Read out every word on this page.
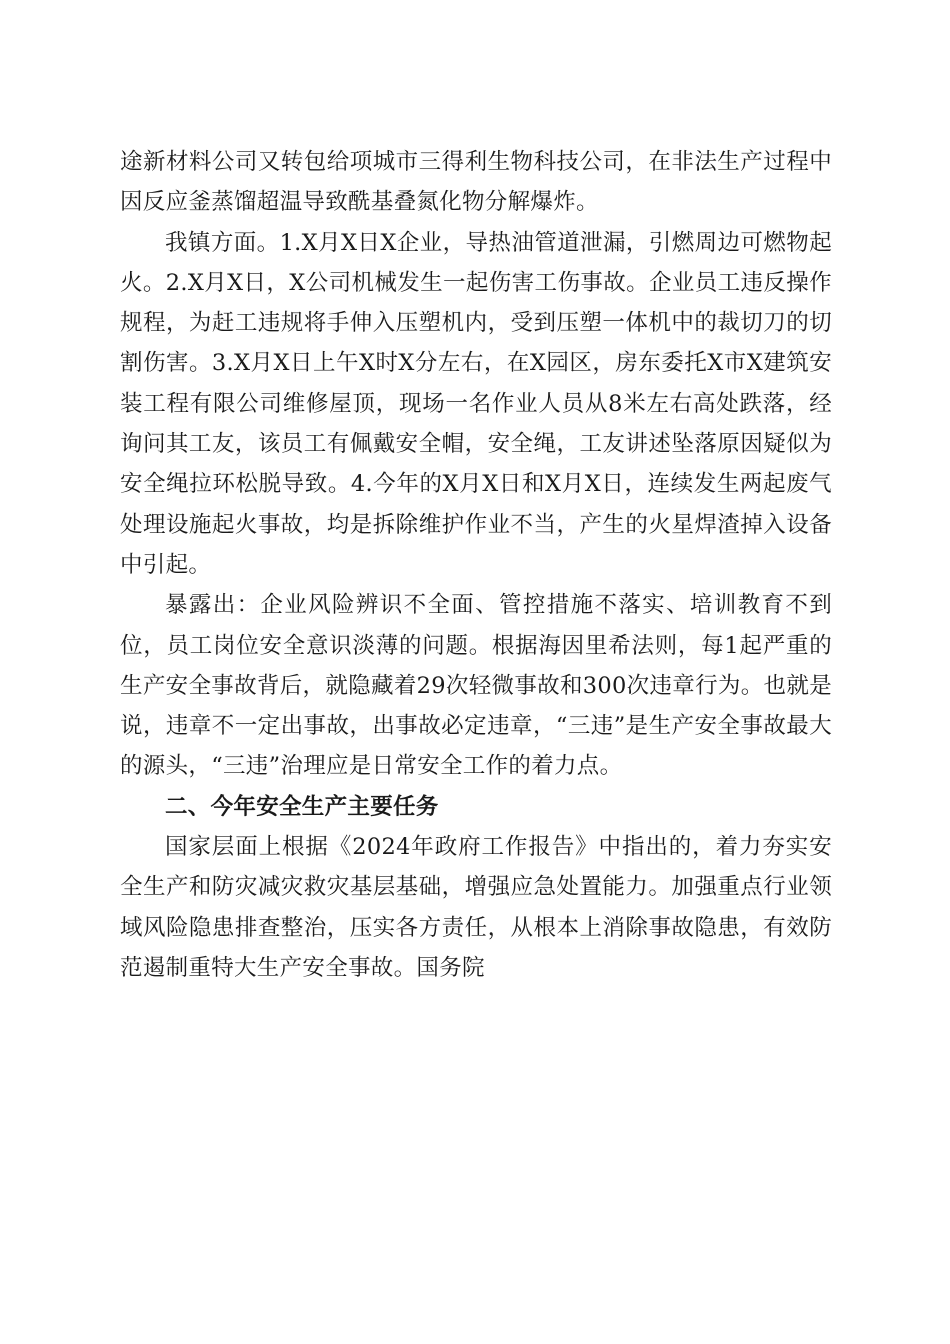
途新材料公司又转包给项城市三得利生物科技公司，在非法生产过程中因反应釜蒸馏超温导致酰基叠氮化物分解爆炸。

我镇方面。1.X月X日X企业，导热油管道泄漏，引燃周边可燃物起火。2.X月X日，X公司机械发生一起伤害工伤事故。企业员工违反操作规程，为赶工违规将手伸入压塑机内，受到压塑一体机中的裁切刀的切割伤害。3.X月X日上午X时X分左右，在X园区，房东委托X市X建筑安装工程有限公司维修屋顶，现场一名作业人员从8米左右高处跌落，经询问其工友，该员工有佩戴安全帽，安全绳，工友讲述坠落原因疑似为安全绳拉环松脱导致。4.今年的X月X日和X月X日，连续发生两起废气处理设施起火事故，均是拆除维护作业不当，产生的火星焊渣掉入设备中引起。

暴露出：企业风险辨识不全面、管控措施不落实、培训教育不到位，员工岗位安全意识淡薄的问题。根据海因里希法则，每1起严重的生产安全事故背后，就隐藏着29次轻微事故和300次违章行为。也就是说，违章不一定出事故，出事故必定违章，“三违”是生产安全事故最大的源头，“三违”治理应是日常安全工作的着力点。

二、今年安全生产主要任务

国家层面上根据《2024年政府工作报告》中指出的，着力夯实安全生产和防灾减灾救灾基层基础，增强应急处置能力。加强重点行业领域风险隐患排查整治，压实各方责任，从根本上消除事故隐患，有效防范遏制重特大生产安全事故。国务院
